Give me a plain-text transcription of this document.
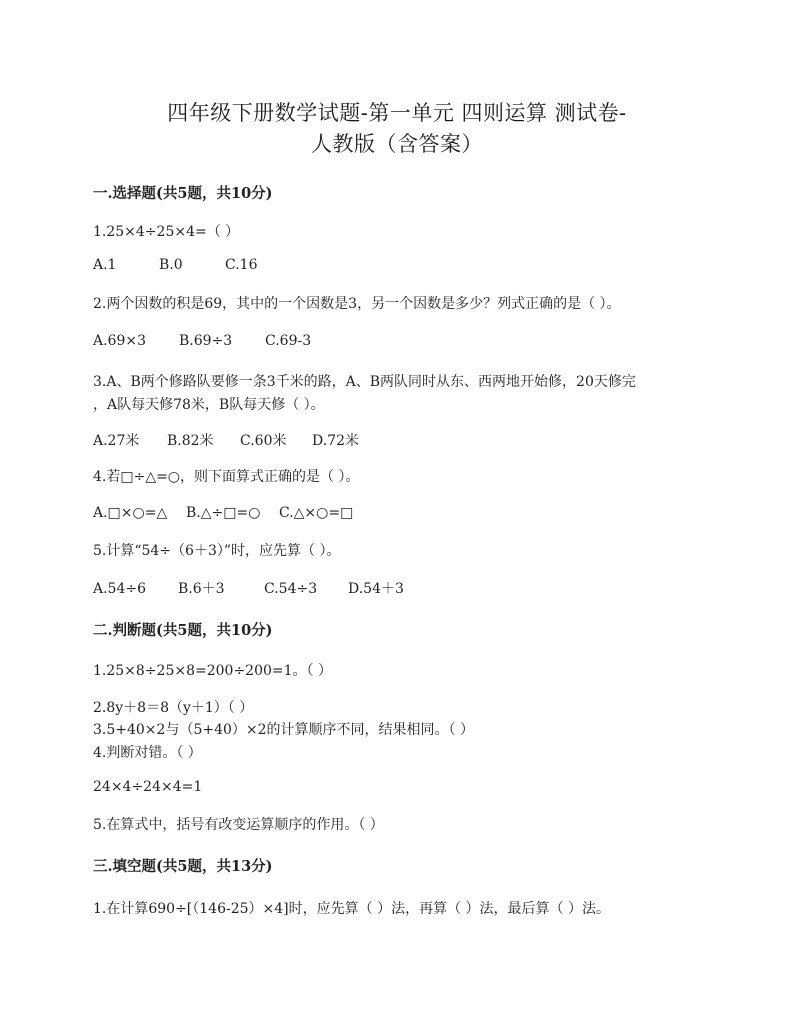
四年级下册数学试题-第一单元 四则运算 测试卷-
人教版（含答案）
一.选择题(共5题，共10分)
1.25×4÷25×4=（ ）
A.1	B.0	C.16
2.两个因数的积是69，其中的一个因数是3，另一个因数是多少？列式正确的是（ ）。
A.69×3 B.69÷3 C.69-3
3.A、B两个修路队要修一条3千米的路，A、B两队同时从东、西两地开始修，20天修完
，A队每天修78米，B队每天修（ ）。
A.27米 B.82米 C.60米 D.72米
4.若□÷△=○，则下面算式正确的是（ ）。
A.□×○=△ B.△÷□=○ C.△×○=□
5.计算“54÷（6＋3）”时，应先算（ ）。
A.54÷6 B.6＋3	C.54÷3 D.54＋3
二.判断题(共5题，共10分)
1.25×8÷25×8=200÷200=1。（ ）
2.8y＋8＝8（y＋1）（ ）
3.5+40×2与（5+40）×2的计算顺序不同，结果相同。（ ）
4.判断对错。（ ）
24×4÷24×4=1
5.在算式中，括号有改变运算顺序的作用。（ ）
三.填空题(共5题，共13分)
1.在计算690÷[（146-25）×4]时，应先算（ ）法，再算（ ）法，最后算（ ）法。
